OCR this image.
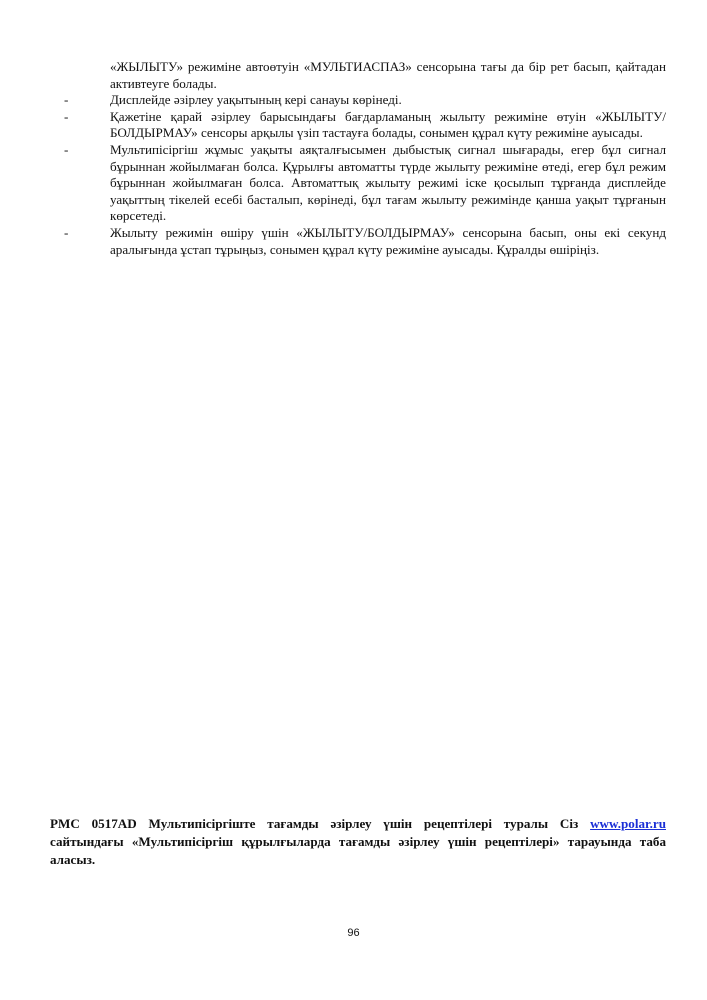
«ЖЫЛЫТУ» режиміне автоөтуін «МУЛЬТИАСПАЗ» сенсорына тағы да бір рет басып, қайтадан активтеуге болады.
-	Дисплейде әзірлеу уақытының кері санауы көрінеді.
-	Қажетіне қарай әзірлеу барысындағы бағдарламаның жылыту режиміне өтуін «ЖЫЛЫТУ/БОЛДЫРМАУ» сенсоры арқылы үзіп тастауға болады, сонымен құрал күту режиміне ауысады.
-	Мультипісіргіш жұмыс уақыты аяқталғысымен дыбыстық сигнал шығарады, егер бұл сигнал бұрыннан жойылмаған болса. Құрылғы автоматты түрде жылыту режиміне өтеді, егер бұл режим бұрыннан жойылмаған болса. Автоматтық жылыту режимі іске қосылып тұрғанда дисплейде уақыттың тікелей есебі басталып, көрінеді, бұл тағам жылыту режимінде қанша уақыт тұрғанын көрсетеді.
-	Жылыту режимін өшіру үшін «ЖЫЛЫТУ/БОЛДЫРМАУ» сенсорына басып, оны екі секунд аралығында ұстап тұрыңыз, сонымен құрал күту режиміне ауысады. Құралды өшіріңіз.

PMC 0517AD Мультипісіргіште тағамды әзірлеу үшін рецептілері туралы Сіз www.polar.ru сайтындағы «Мультипісіргіш құрылғыларда тағамды әзірлеу үшін рецептілері» тарауында таба аласыз.

96
